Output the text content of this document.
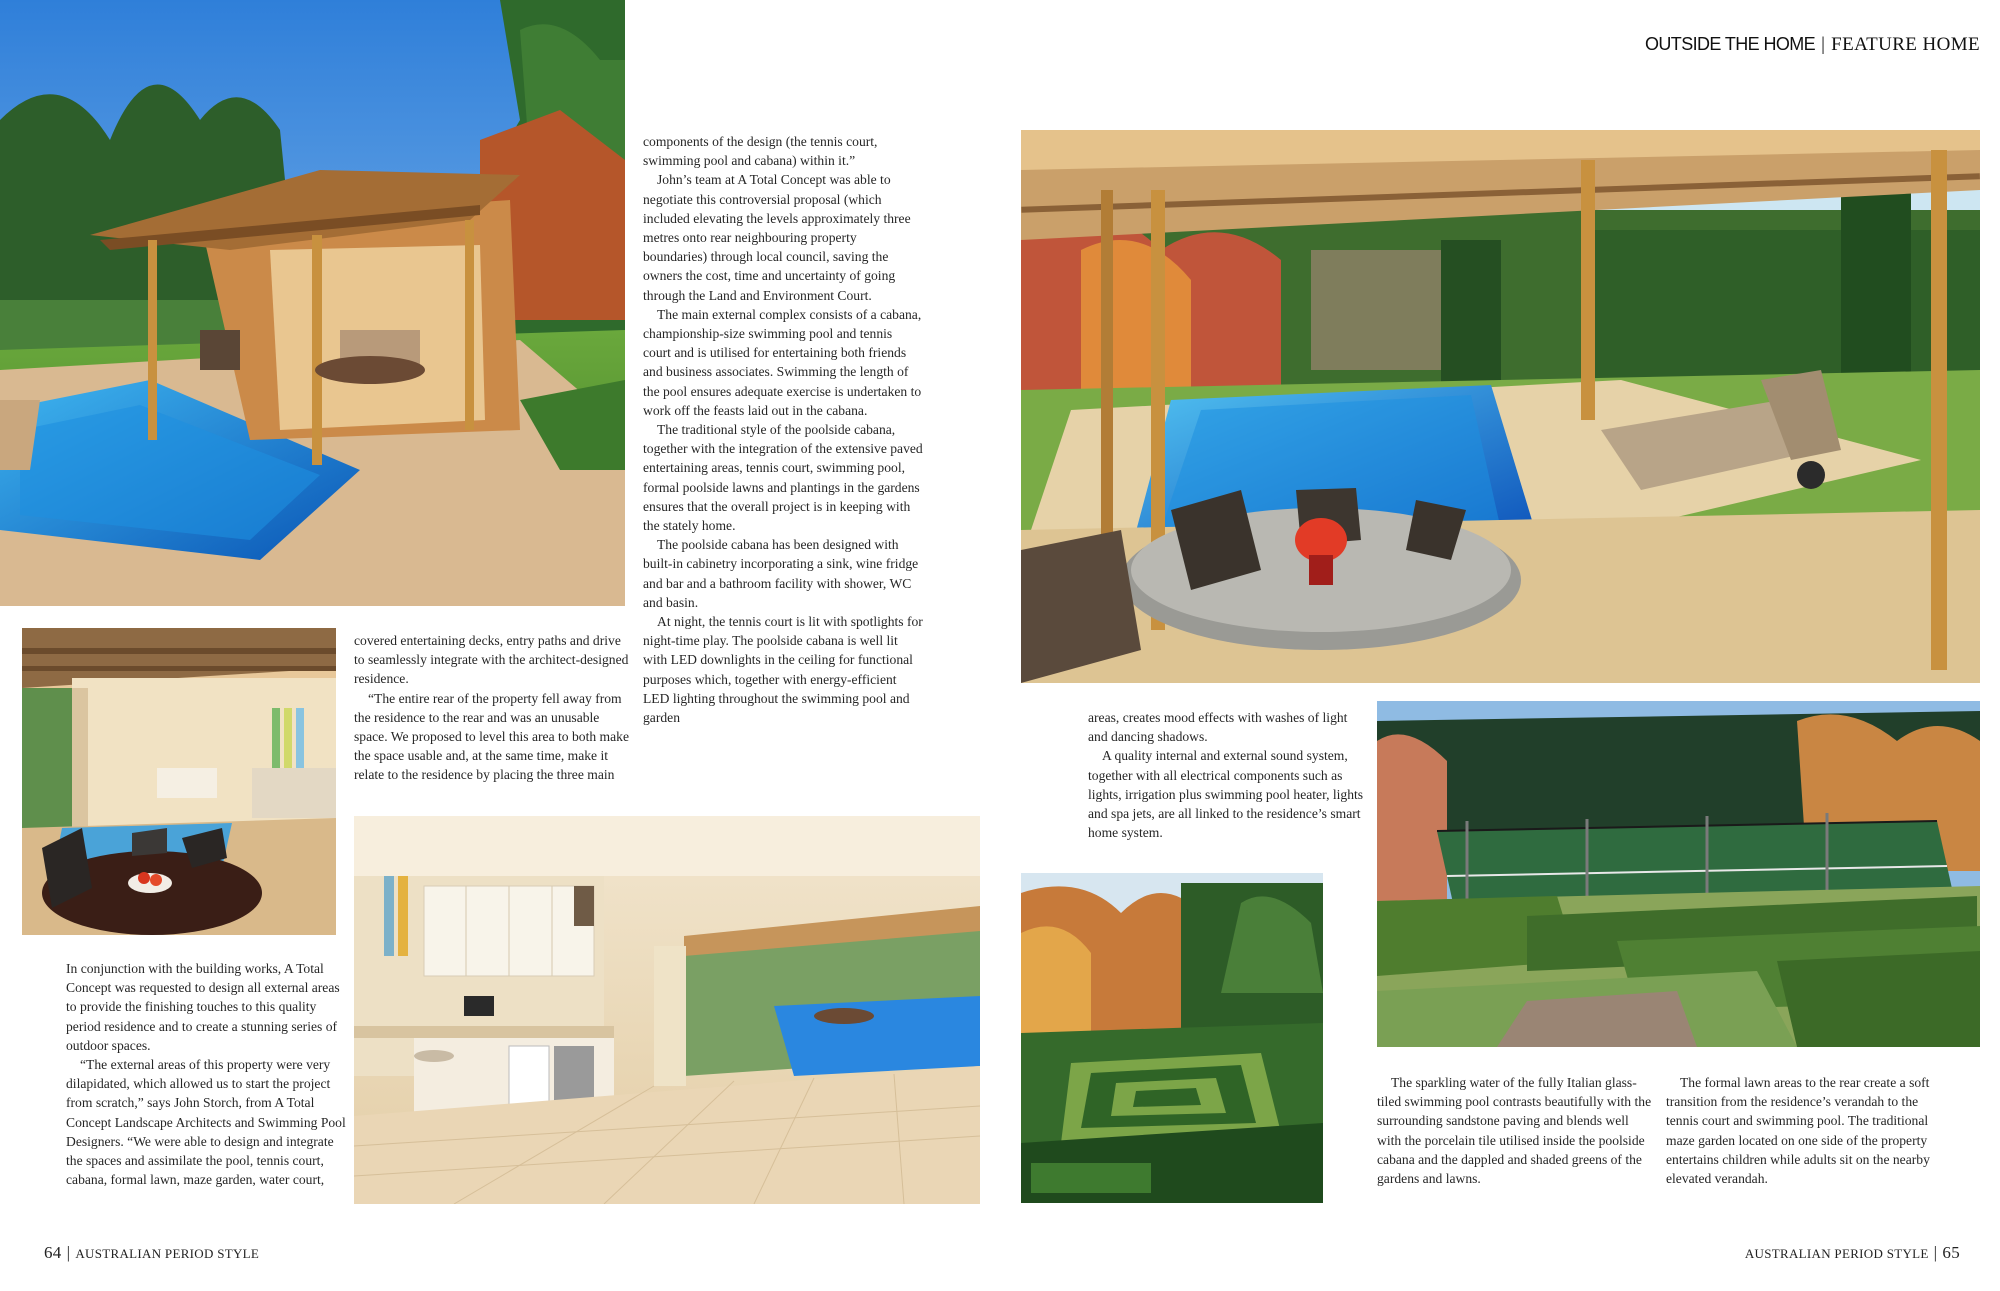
OUTSIDE THE HOME | FEATURE HOME

In conjunction with the building works, A Total Concept was requested to design all external areas to provide the finishing touches to this quality period residence and to create a stunning series of outdoor spaces.

“The external areas of this property were very dilapidated, which allowed us to start the project from scratch,” says John Storch, from A Total Concept Landscape Architects and Swimming Pool Designers. “We were able to design and integrate the spaces and assimilate the pool, tennis court, cabana, formal lawn, maze garden, water court,

covered entertaining decks, entry paths and drive to seamlessly integrate with the architect-designed residence.

“The entire rear of the property fell away from the residence to the rear and was an unusable space. We proposed to level this area to both make the space usable and, at the same time, make it relate to the residence by placing the three main

components of the design (the tennis court, swimming pool and cabana) within it.”

John’s team at A Total Concept was able to negotiate this controversial proposal (which included elevating the levels approximately three metres onto rear neighbouring property boundaries) through local council, saving the owners the cost, time and uncertainty of going through the Land and Environment Court.

The main external complex consists of a cabana, championship-size swimming pool and tennis court and is utilised for entertaining both friends and business associates. Swimming the length of the pool ensures adequate exercise is undertaken to work off the feasts laid out in the cabana.

The traditional style of the poolside cabana, together with the integration of the extensive paved entertaining areas, tennis court, swimming pool, formal poolside lawns and plantings in the gardens ensures that the overall project is in keeping with the stately home.

The poolside cabana has been designed with built-in cabinetry incorporating a sink, wine fridge and bar and a bathroom facility with shower, WC and basin.

At night, the tennis court is lit with spotlights for night-time play. The poolside cabana is well lit with LED downlights in the ceiling for functional purposes which, together with energy-efficient LED lighting throughout the swimming pool and garden	areas, creates mood effects with washes of light and dancing shadows.

A quality internal and external sound system, together with all electrical components such as lights, irrigation plus swimming pool heater, lights and spa jets, are all linked to the residence’s smart home system.

The sparkling water of the fully Italian glass-tiled swimming pool contrasts beautifully with the surrounding sandstone paving and blends well with the porcelain tile utilised inside the poolside cabana and the dappled and shaded greens of the gardens and lawns.
The formal lawn areas to the rear create a soft transition from the residence’s verandah to the tennis court and swimming pool. The traditional maze garden located on one side of the property entertains children while adults sit on the nearby elevated verandah.
64 | AUSTRALIAN PERIOD STYLE	AUSTRALIAN PERIOD STYLE | 65
